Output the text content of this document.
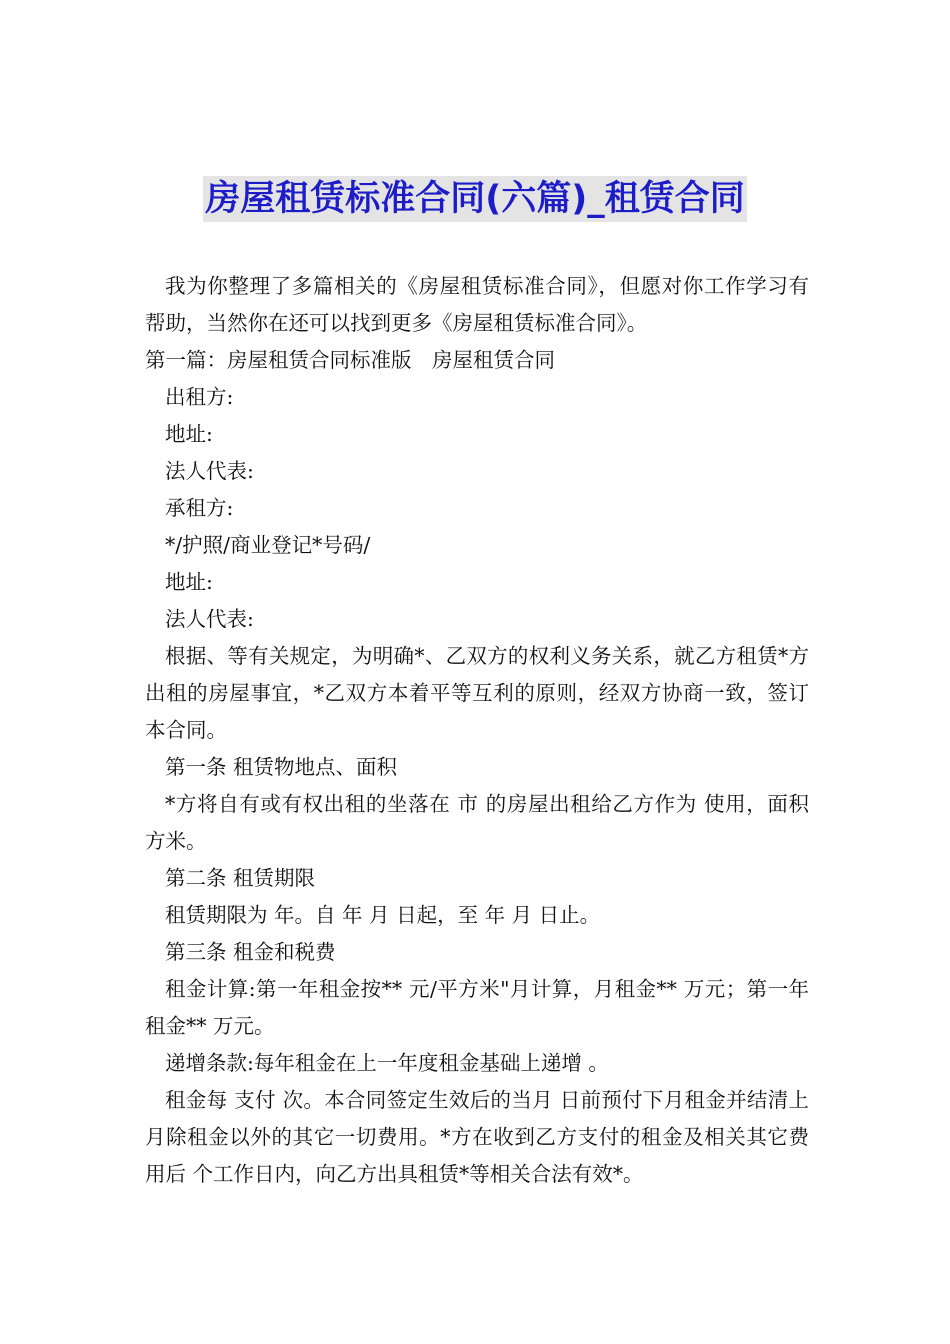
房屋租赁标准合同(六篇)_租赁合同

我为你整理了多篇相关的《房屋租赁标准合同》，但愿对你工作学习有帮助，当然你在还可以找到更多《房屋租赁标准合同》。

第一篇：房屋租赁合同标准版　房屋租赁合同

出租方:

地址:

法人代表:

承租方:

*/护照/商业登记*号码/

地址:

法人代表:

根据、等有关规定，为明确*、乙双方的权利义务关系，就乙方租赁*方出租的房屋事宜，*乙双方本着平等互利的原则，经双方协商一致，签订本合同。

第一条 租赁物地点、面积

*方将自有或有权出租的坐落在 市 的房屋出租给乙方作为 使用，面积 方米。

第二条 租赁期限

租赁期限为 年。自 年 月 日起，至 年 月 日止。

第三条 租金和税费

租金计算:第一年租金按** 元/平方米"月计算，月租金** 万元；第一年租金** 万元。

递增条款:每年租金在上一年度租金基础上递增 。

租金每 支付 次。本合同签定生效后的当月 日前预付下月租金并结清上月除租金以外的其它一切费用。*方在收到乙方支付的租金及相关其它费用后 个工作日内，向乙方出具租赁*等相关合法有效*。
